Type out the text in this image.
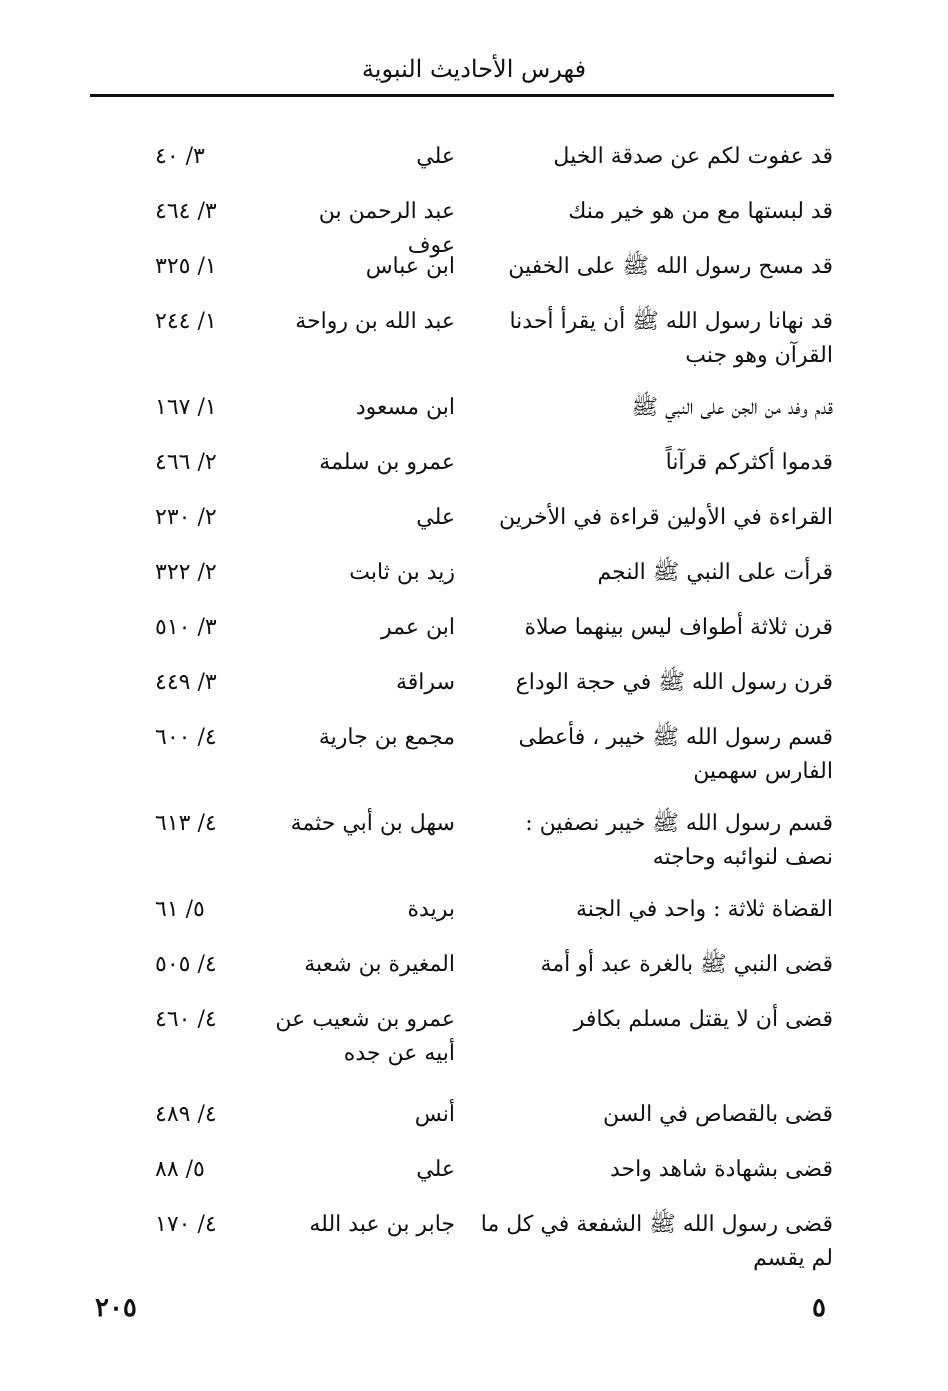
فهرس الأحاديث النبوية
قد عفوت لكم عن صدقة الخيل
علي
٣/ ٤٠
قد لبستها مع من هو خير منك
عبد الرحمن بن عوف
٣/ ٤٦٤
قد مسح رسول الله ﷺ على الخفين
ابن عباس
١/ ٣٢٥
قد نهانا رسول الله ﷺ أن يقرأ أحدنا القرآن وهو جنب
عبد الله بن رواحة
١/ ٢٤٤
قدم وفد من الجن على النبي ﷺ
ابن مسعود
١/ ١٦٧
قدموا أكثركم قرآناً
عمرو بن سلمة
٢/ ٤٦٦
القراءة في الأولين قراءة في الأخرين
علي
٢/ ٢٣٠
قرأت على النبي ﷺ النجم
زيد بن ثابت
٢/ ٣٢٢
قرن ثلاثة أطواف ليس بينهما صلاة
ابن عمر
٣/ ٥١٠
قرن رسول الله ﷺ في حجة الوداع
سراقة
٣/ ٤٤٩
قسم رسول الله ﷺ خيبر ، فأعطى الفارس سهمين
مجمع بن جارية
٤/ ٦٠٠
قسم رسول الله ﷺ خيبر نصفين : نصف لنوائبه وحاجته
سهل بن أبي حثمة
٤/ ٦١٣
القضاة ثلاثة : واحد في الجنة
بريدة
٥/ ٦١
قضى النبي ﷺ بالغرة عبد أو أمة
المغيرة بن شعبة
٤/ ٥٠٥
قضى أن لا يقتل مسلم بكافر
عمرو بن شعيب عن أبيه عن جده
٤/ ٤٦٠
قضى بالقصاص في السن
أنس
٤/ ٤٨٩
قضى بشهادة شاهد واحد
علي
٥/ ٨٨
قضى رسول الله ﷺ الشفعة في كل ما لم يقسم
جابر بن عبد الله
٤/ ١٧٠
٢٠٥	٥
